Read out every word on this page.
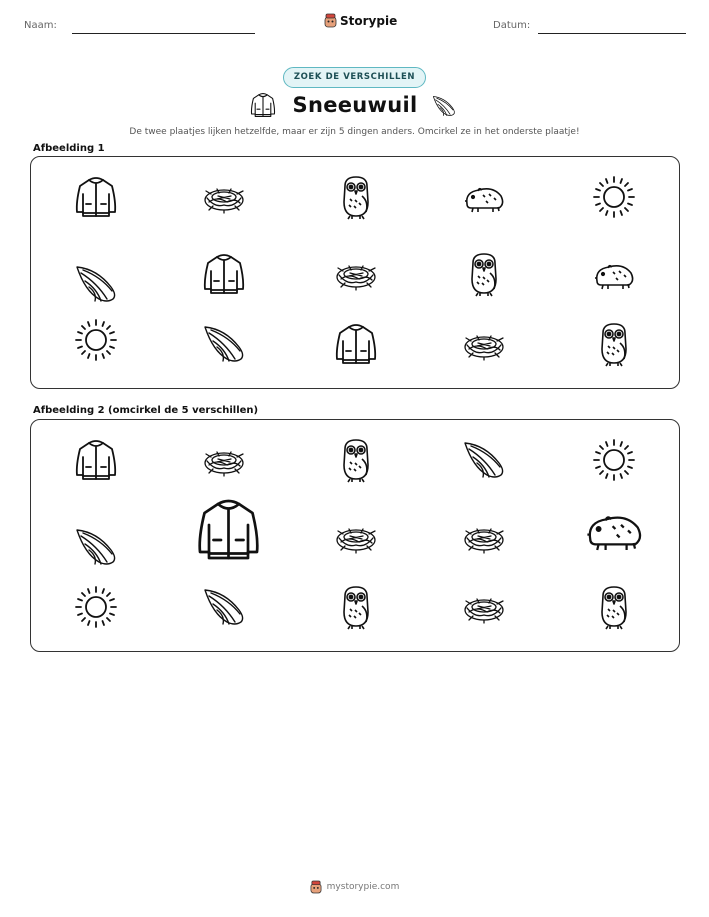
Naam:	Storypie	Datum:
ZOEK DE VERSCHILLEN
Sneeuwuil
De twee plaatjes lijken hetzelfde, maar er zijn 5 dingen anders. Omcirkel ze in het onderste plaatje!
Afbeelding 1
Afbeelding 2 (omcirkel de 5 verschillen)
mystorypie.com
